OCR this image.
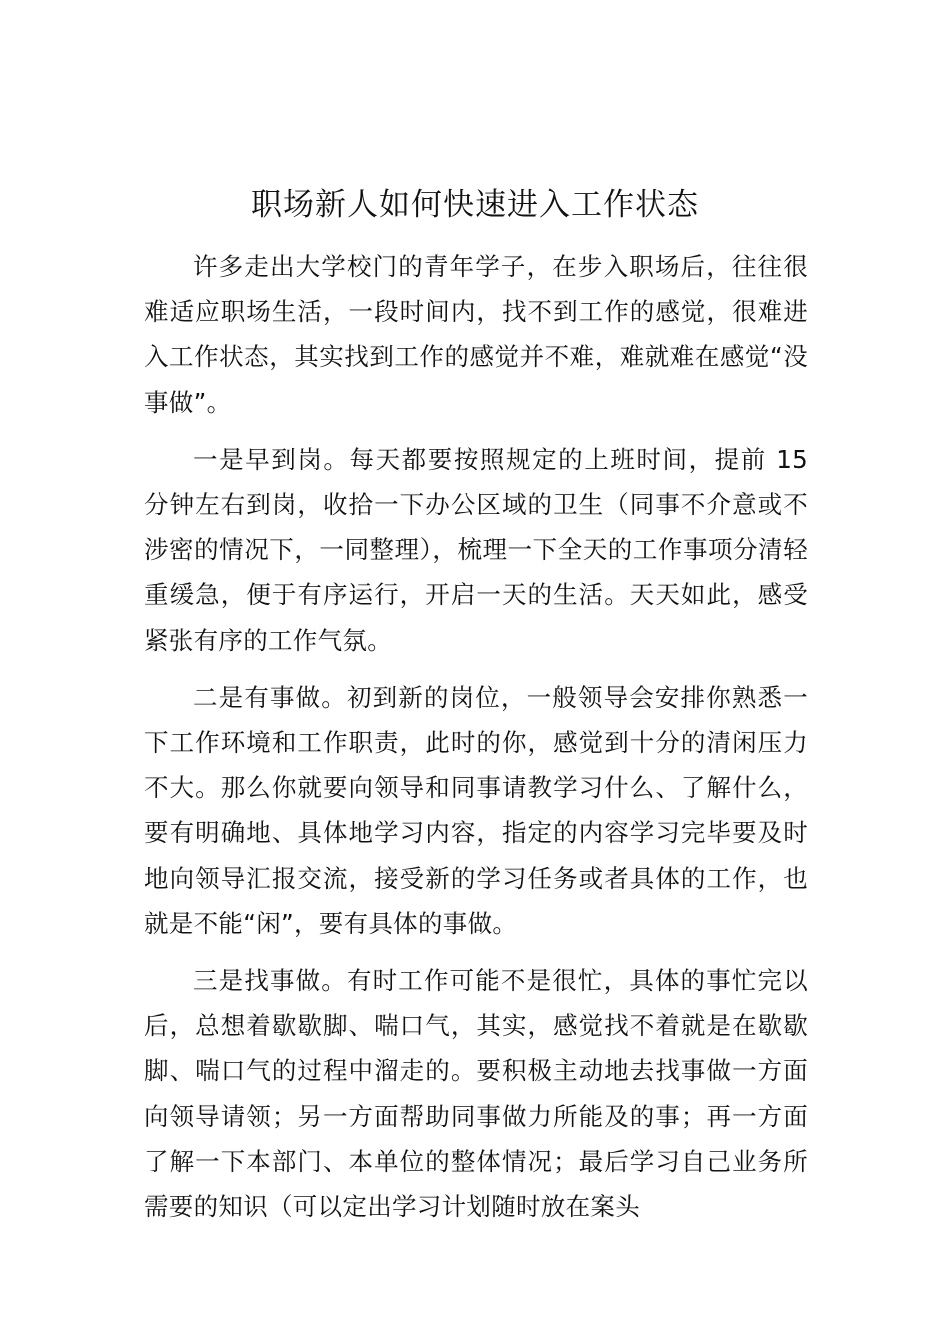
职场新人如何快速进入工作状态

许多走出大学校门的青年学子，在步入职场后，往往很难适应职场生活，一段时间内，找不到工作的感觉，很难进入工作状态，其实找到工作的感觉并不难，难就难在感觉“没事做”。

一是早到岗。每天都要按照规定的上班时间，提前 15 分钟左右到岗，收拾一下办公区域的卫生（同事不介意或不涉密的情况下，一同整理），梳理一下全天的工作事项分清轻重缓急，便于有序运行，开启一天的生活。天天如此，感受紧张有序的工作气氛。

二是有事做。初到新的岗位，一般领导会安排你熟悉一下工作环境和工作职责，此时的你，感觉到十分的清闲压力不大。那么你就要向领导和同事请教学习什么、了解什么，要有明确地、具体地学习内容，指定的内容学习完毕要及时地向领导汇报交流，接受新的学习任务或者具体的工作，也就是不能“闲”，要有具体的事做。

三是找事做。有时工作可能不是很忙，具体的事忙完以后，总想着歇歇脚、喘口气，其实，感觉找不着就是在歇歇脚、喘口气的过程中溜走的。要积极主动地去找事做一方面向领导请领；另一方面帮助同事做力所能及的事；再一方面了解一下本部门、本单位的整体情况；最后学习自己业务所需要的知识（可以定出学习计划随时放在案头
